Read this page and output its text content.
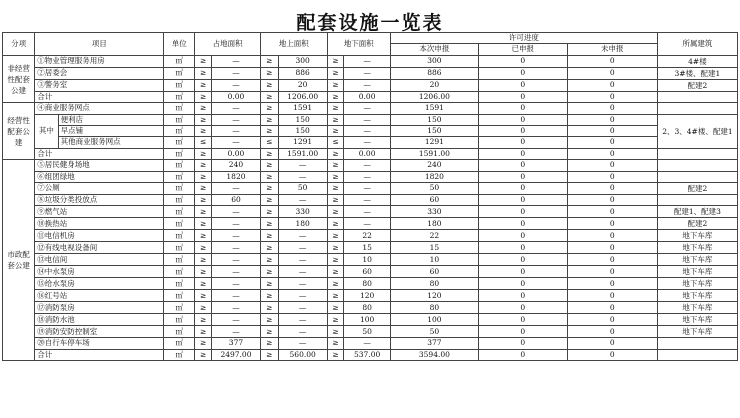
配套设施一览表
分项	项目		单位	占地面积		地上面积		地下面积		许可进度			所属建筑
										本次申报	已申报	未申报	
非经营性配套公建	①物业管理服务用房		㎡	≥	—	≥	300	≥	—	300	0	0	4#楼
	②居委会		㎡	≥	—	≥	886	≥	—	886	0	0	3#楼、配建1
	③警务室		㎡	≥	—	≥	20	≥	—	20	0	0	配建2
	合计		㎡	≥	0.00	≥	1206.00	≥	0.00	1206.00	0	0	
经营性配套公建	④商业服务网点		㎡	≥	—	≥	1591	≥	—	1591	0	0	
	其中	便利店	㎡	≥	—	≥	150	≥	—	150	0	0	2、3、4#楼、配建1
		早点铺	㎡	≥	—	≥	150	≥	—	150	0	0	
		其他商业服务网点	㎡	≤	—	≤	1291	≤	—	1291	0	0	
	合计		㎡	≥	0.00	≥	1591.00	≥	0.00	1591.00	0	0	
市政配套公建	⑤居民健身场地		㎡	≥	240	≥	—	≥	—	240	0	0	
	⑥组团绿地		㎡	≥	1820	≥	—	≥	—	1820	0	0	
	⑦公厕		㎡	≥	—	≥	50	≥	—	50	0	0	配建2
	⑧垃圾分类投放点		㎡	≥	60	≥	—	≥	—	60	0	0	
	⑨燃气站		㎡	≥	—	≥	330	≥	—	330	0	0	配建1、配建3
	⑩换热站		㎡	≥	—	≥	180	≥	—	180	0	0	配建2
	⑪电信机房		㎡	≥	—	≥	—	≥	22	22	0	0	地下车库
	⑫有线电视设备间		㎡	≥	—	≥	—	≥	15	15	0	0	地下车库
	⑬电信间		㎡	≥	—	≥	—	≥	10	10	0	0	地下车库
	⑭中水泵房		㎡	≥	—	≥	—	≥	60	60	0	0	地下车库
	⑮给水泵房		㎡	≥	—	≥	—	≥	80	80	0	0	地下车库
	⑯红号站		㎡	≥	—	≥	—	≥	120	120	0	0	地下车库
	⑰消防泵房		㎡	≥	—	≥	—	≥	80	80	0	0	地下车库
	⑱消防水池		㎡	≥	—	≥	—	≥	100	100	0	0	地下车库
	⑲消防安防控制室		㎡	≥	—	≥	—	≥	50	50	0	0	地下车库
	⑳自行车停车场		㎡	≥	377	≥	—	≥	—	377	0	0	
	合计		㎡	≥	2497.00	≥	560.00	≥	537.00	3594.00	0	0	
